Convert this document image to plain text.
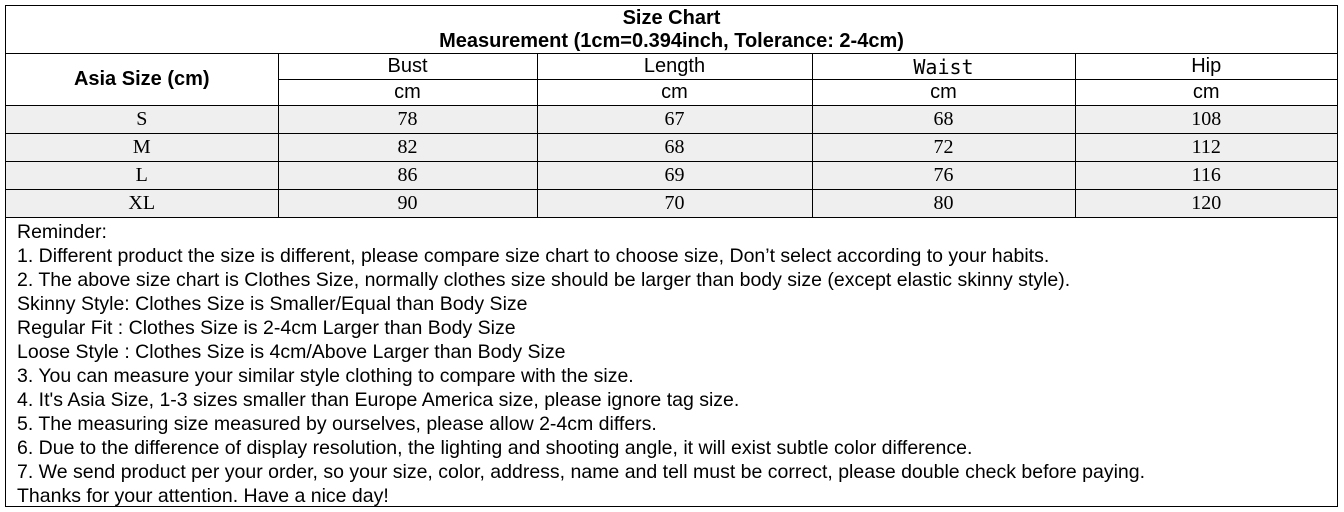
Size Chart
Measurement (1cm=0.394inch, Tolerance: 2-4cm)
Asia Size (cm)	Bust	Length	Waist	Hip
	cm	cm	cm	cm
S	78	67	68	108
M	82	68	72	112
L	86	69	76	116
XL	90	70	80	120
Reminder:
1. Different product the size is different, please compare size chart to choose size, Don’t select according to your habits.
2. The above size chart is Clothes Size, normally clothes size should be larger than body size (except elastic skinny style).
Skinny Style: Clothes Size is Smaller/Equal than Body Size
Regular Fit : Clothes Size is 2-4cm Larger than Body Size
Loose Style : Clothes Size is 4cm/Above Larger than Body Size
3. You can measure your similar style clothing to compare with the size.
4. It's Asia Size, 1-3 sizes smaller than Europe America size, please ignore tag size.
5. The measuring size measured by ourselves, please allow 2-4cm differs.
6. Due to the difference of display resolution, the lighting and shooting angle, it will exist subtle color difference.
7. We send product per your order, so your size, color, address, name and tell must be correct, please double check before paying.
Thanks for your attention. Have a nice day!
